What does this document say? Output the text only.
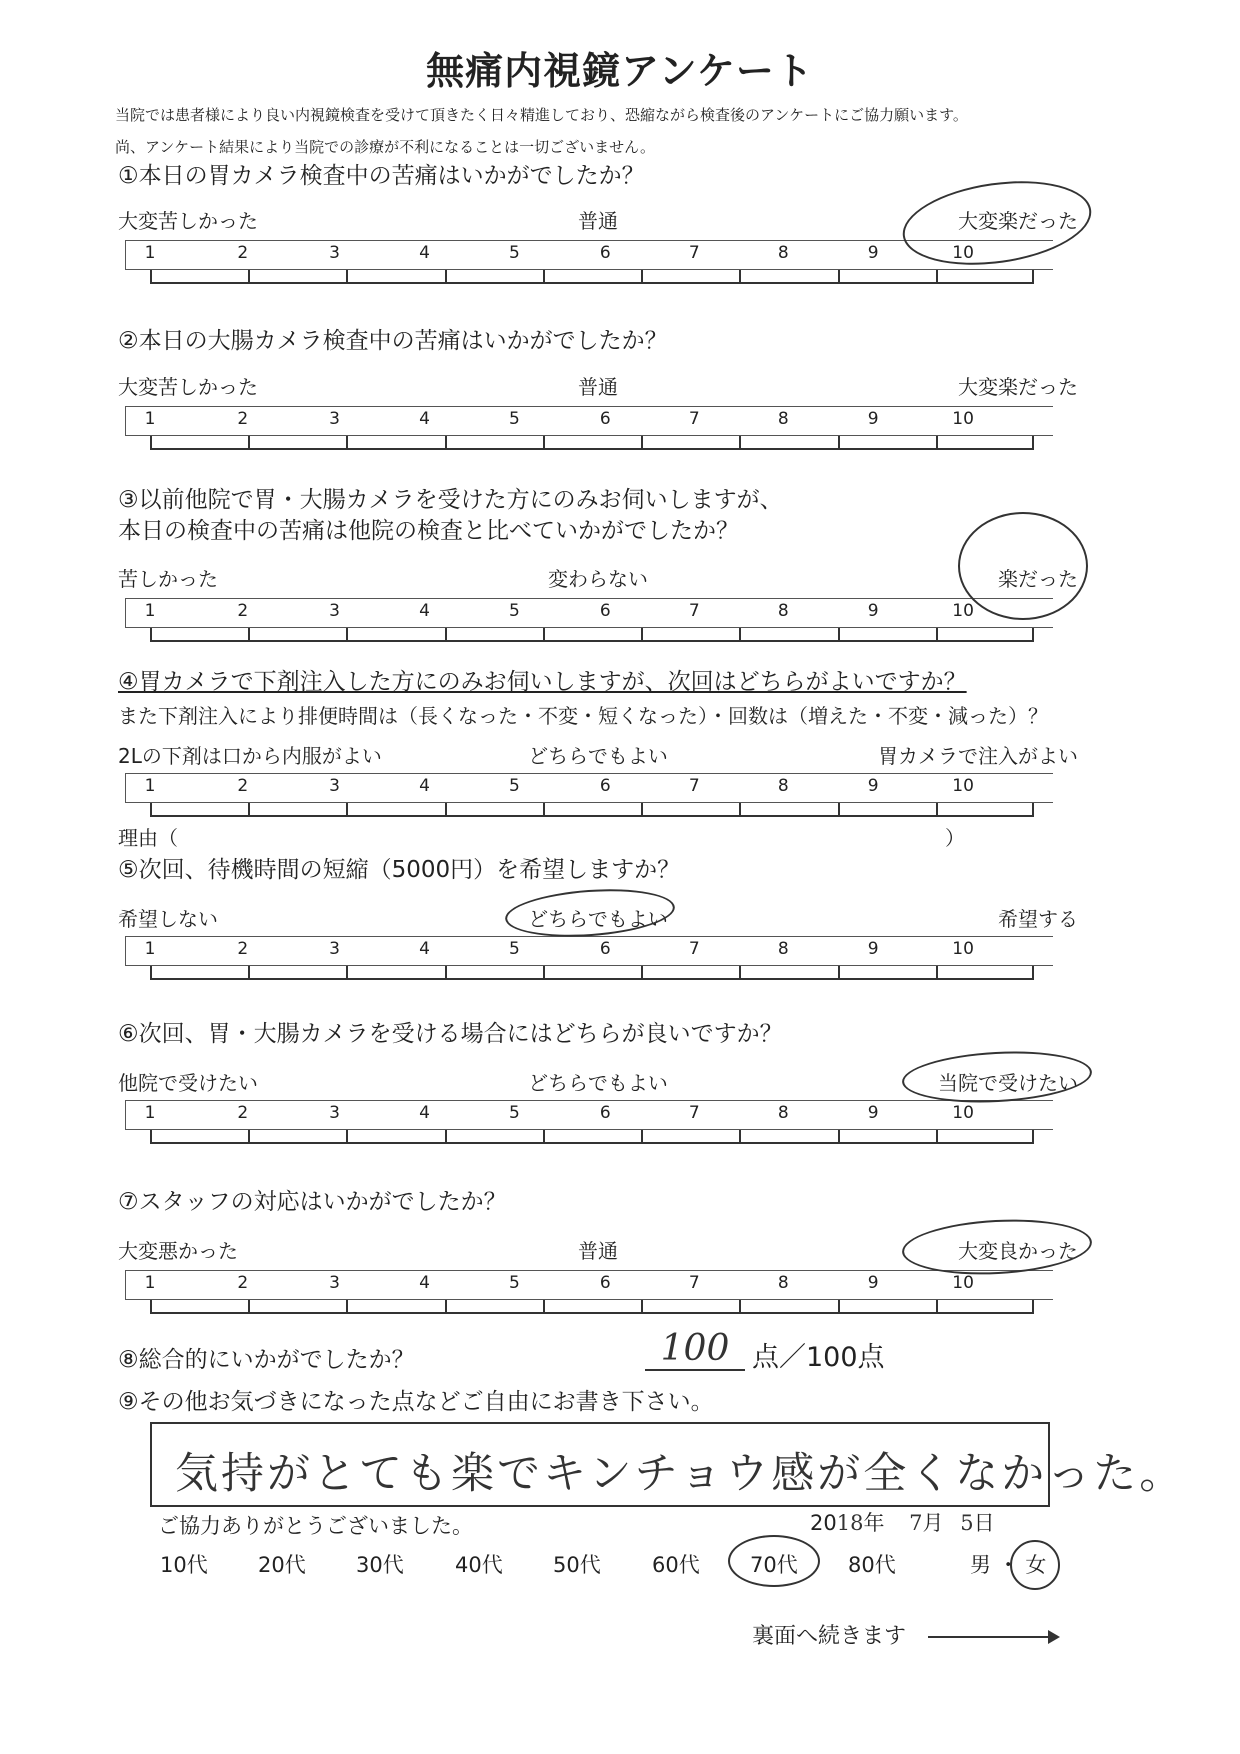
無痛内視鏡アンケート
当院では患者様により良い内視鏡検査を受けて頂きたく日々精進しており、恐縮ながら検査後のアンケートにご協力願います。
尚、アンケート結果により当院での診療が不利になることは一切ございません。
①本日の胃カメラ検査中の苦痛はいかがでしたか？
大変苦しかった	普通	大変楽だった
1	2	3	4	5	6	7	8	9	10
②本日の大腸カメラ検査中の苦痛はいかがでしたか？
大変苦しかった	普通	大変楽だった
1	2	3	4	5	6	7	8	9	10
③以前他院で胃・大腸カメラを受けた方にのみお伺いしますが、
本日の検査中の苦痛は他院の検査と比べていかがでしたか？
苦しかった	変わらない	楽だった
1	2	3	4	5	6	7	8	9	10
④胃カメラで下剤注入した方にのみお伺いしますが、次回はどちらがよいですか？
また下剤注入により排便時間は（長くなった・不変・短くなった）・回数は（増えた・不変・減った）？
2Lの下剤は口から内服がよい	どちらでもよい	胃カメラで注入がよい
1	2	3	4	5	6	7	8	9	10
理由（	）
⑤次回、待機時間の短縮（5000円）を希望しますか？
希望しない	どちらでもよい	希望する
1	2	3	4	5	6	7	8	9	10
⑥次回、胃・大腸カメラを受ける場合にはどちらが良いですか？
他院で受けたい	どちらでもよい	当院で受けたい
1	2	3	4	5	6	7	8	9	10
⑦スタッフの対応はいかがでしたか？
大変悪かった	普通	大変良かった
1	2	3	4	5	6	7	8	9	10
⑧総合的にいかがでしたか？	100 点／100点
⑨その他お気づきになった点などご自由にお書き下さい。
気持がとても楽でキンチョウ感が全くなかった。
ご協力ありがとうございました。	2018年 7月 5日
10代 20代 30代 40代 50代 60代 70代 80代	男 ・ 女
裏面へ続きます
